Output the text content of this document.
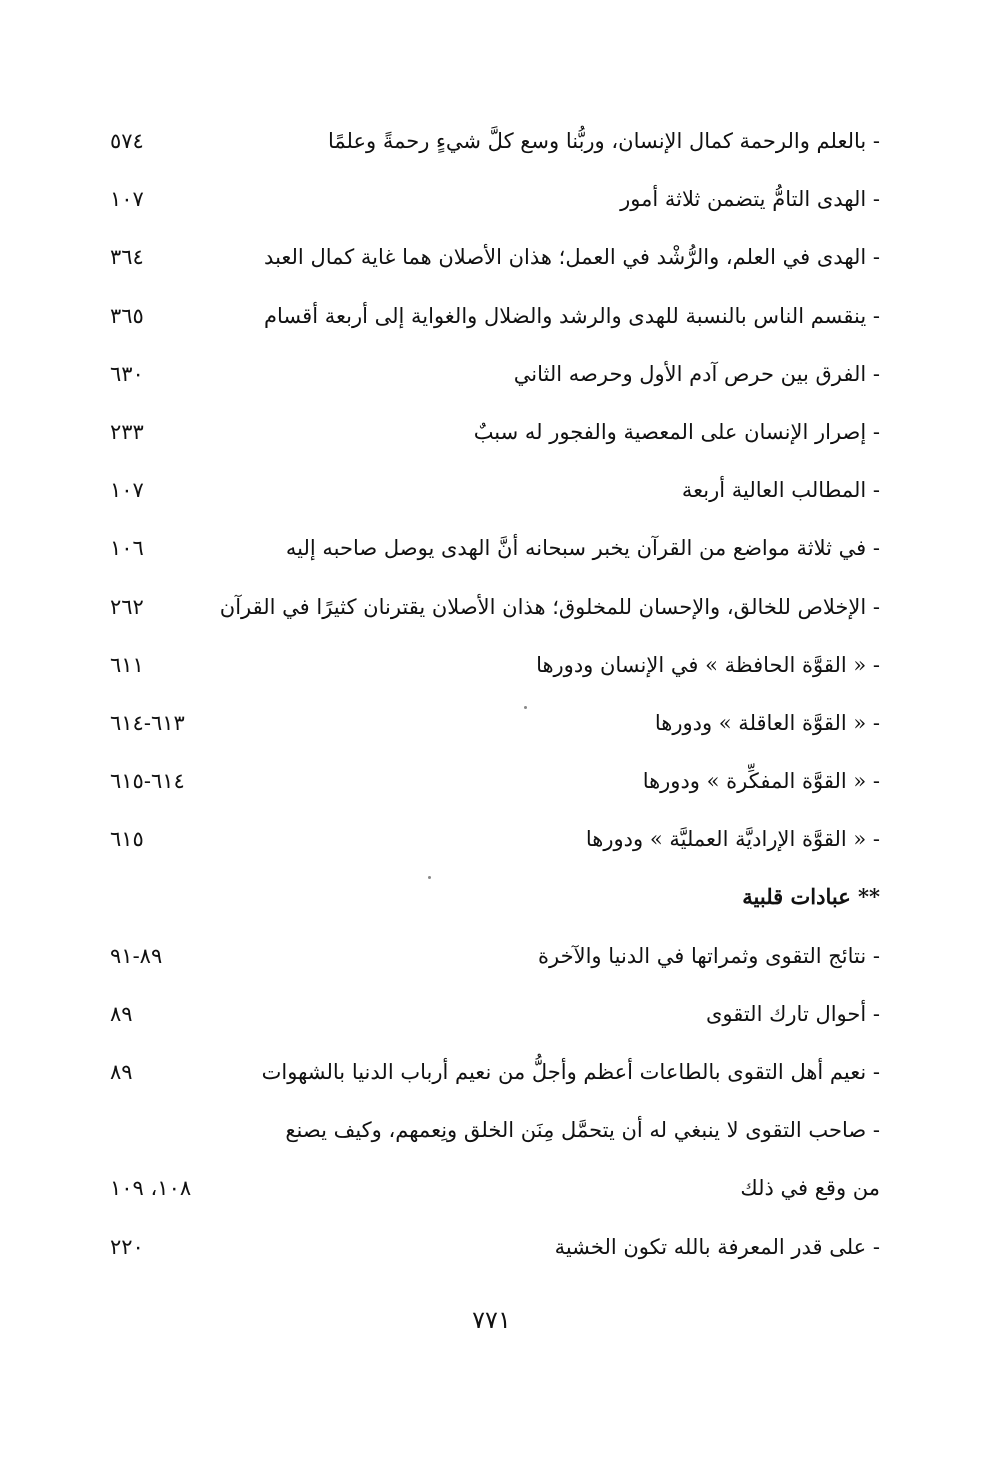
- بالعلم والرحمة كمال الإنسان، وربُّنا وسع كلَّ شيءٍ رحمةً وعلمًا
٥٧٤
- الهدى التامُّ يتضمن ثلاثة أمور
١٠٧
- الهدى في العلم، والرُّشْد في العمل؛ هذان الأصلان هما غاية كمال العبد
٣٦٤
- ينقسم الناس بالنسبة للهدى والرشد والضلال والغواية إلى أربعة أقسام
٣٦٥
- الفرق بين حرص آدم الأول وحرصه الثاني
٦٣٠
- إصرار الإنسان على المعصية والفجور له سببٌ
٢٣٣
- المطالب العالية أربعة
١٠٧
- في ثلاثة مواضع من القرآن يخبر سبحانه أنَّ الهدى يوصل صاحبه إليه
١٠٦
- الإخلاص للخالق، والإحسان للمخلوق؛ هذان الأصلان يقترنان كثيرًا في القرآن
٢٦٢
- « القوَّة الحافظة » في الإنسان ودورها
٦١١
- « القوَّة العاقلة » ودورها
٦١٣-٦١٤
- « القوَّة المفكِّرة » ودورها
٦١٤-٦١٥
- « القوَّة الإراديَّة العمليَّة » ودورها
٦١٥
** عبادات قلبية
- نتائج التقوى وثمراتها في الدنيا والآخرة
٨٩-٩١
- أحوال تارك التقوى
٨٩
- نعيم أهل التقوى بالطاعات أعظم وأجلُّ من نعيم أرباب الدنيا بالشهوات
٨٩
- صاحب التقوى لا ينبغي له أن يتحمَّل مِنَن الخلق ونِعمهم، وكيف يصنع
من وقع في ذلك
١٠٨، ١٠٩
- على قدر المعرفة بالله تكون الخشية
٢٢٠
٧٧١
